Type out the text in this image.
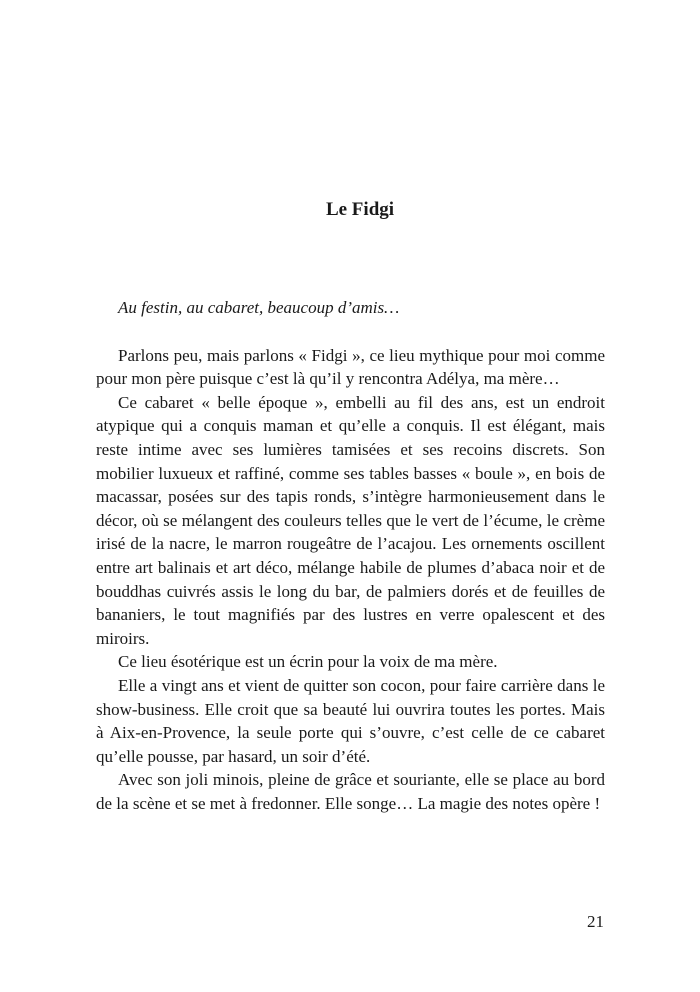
Le Fidgi

Au festin, au cabaret, beaucoup d’amis…

Parlons peu, mais parlons « Fidgi », ce lieu mythique pour moi comme pour mon père puisque c’est là qu’il y rencontra Adélya, ma mère…

Ce cabaret « belle époque », embelli au fil des ans, est un endroit atypique qui a conquis maman et qu’elle a conquis. Il est élégant, mais reste intime avec ses lumières tamisées et ses recoins discrets. Son mobilier luxueux et raffiné, comme ses tables basses « boule », en bois de macassar, posées sur des tapis ronds, s’intègre harmonieusement dans le décor, où se mélangent des couleurs telles que le vert de l’écume, le crème irisé de la nacre, le marron rougeâtre de l’acajou. Les ornements oscillent entre art balinais et art déco, mélange habile de plumes d’abaca noir et de bouddhas cuivrés assis le long du bar, de palmiers dorés et de feuilles de bananiers, le tout magnifiés par des lustres en verre opalescent et des miroirs.

Ce lieu ésotérique est un écrin pour la voix de ma mère.

Elle a vingt ans et vient de quitter son cocon, pour faire carrière dans le show-business. Elle croit que sa beauté lui ouvrira toutes les portes. Mais à Aix-en-Provence, la seule porte qui s’ouvre, c’est celle de ce cabaret qu’elle pousse, par hasard, un soir d’été.

Avec son joli minois, pleine de grâce et souriante, elle se place au bord de la scène et se met à fredonner. Elle songe… La magie des notes opère !

21
